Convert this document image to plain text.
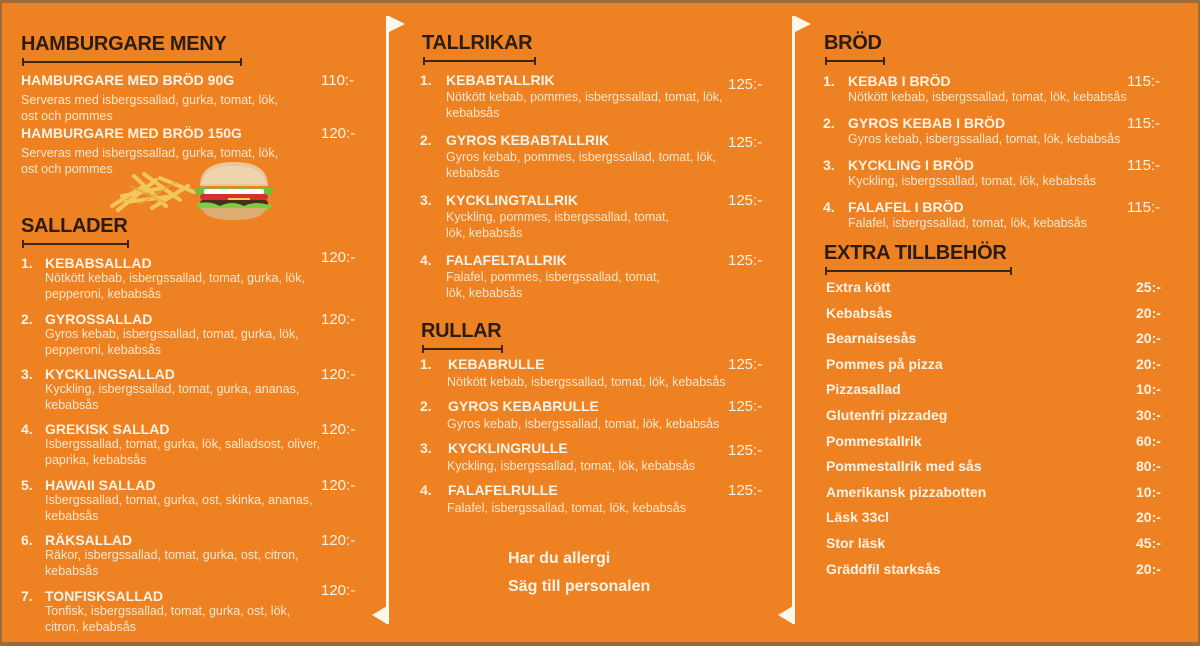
HAMBURGARE MENY
HAMBURGARE MED BRÖD 90G	110:-
Serveras med isbergssallad, gurka, tomat, lök,
ost och pommes
HAMBURGARE MED BRÖD 150G	120:-
Serveras med isbergssallad, gurka, tomat, lök,
ost och pommes
SALLADER
1. KEBABSALLAD	120:-
Nötkött kebab, isbergssallad, tomat, gurka, lök,
pepperoni, kebabsås
2. GYROSSALLAD	120:-
Gyros kebab, isbergssallad, tomat, gurka, lök,
pepperoni, kebabsås
3. KYCKLINGSALLAD	120:-
Kyckling, isbergssallad, tomat, gurka, ananas,
kebabsås
4. GREKISK SALLAD	120:-
Isbergssallad, tomat, gurka, lök, salladsost, oliver,
paprika, kebabsås
5. HAWAII SALLAD	120:-
Isbergssallad, tomat, gurka, ost, skinka, ananas,
kebabsås
6. RÄKSALLAD	120:-
Räkor, isbergssallad, tomat, gurka, ost, citron,
kebabsås
7. TONFISKSALLAD	120:-
Tonfisk, isbergssallad, tomat, gurka, ost, lök,
citron, kebabsås
TALLRIKAR
1. KEBABTALLRIK	125:-
Nötkött kebab, pommes, isbergssallad, tomat, lök,
kebabsås
2. GYROS KEBABTALLRIK	125:-
Gyros kebab, pommes, isbergssallad, tomat, lök,
kebabsås
3. KYCKLINGTALLRIK	125:-
Kyckling, pommes, isbergssallad, tomat,
lök, kebabsås
4. FALAFELTALLRIK	125:-
Falafel, pommes, isbergssallad, tomat,
lök, kebabsås
RULLAR
1. KEBABRULLE	125:-
Nötkött kebab, isbergssallad, tomat, lök, kebabsås
2. GYROS KEBABRULLE	125:-
Gyros kebab, isbergssallad, tomat, lök, kebabsås
3. KYCKLINGRULLE	125:-
Kyckling, isbergssallad, tomat, lök, kebabsås
4. FALAFELRULLE	125:-
Falafel, isbergssallad, tomat, lök, kebabsås
Har du allergi
Säg till personalen
BRÖD
1. KEBAB I BRÖD	115:-
Nötkött kebab, isbergssallad, tomat, lök, kebabsås
2. GYROS KEBAB I BRÖD	115:-
Gyros kebab, isbergssallad, tomat, lök, kebabsås
3. KYCKLING I BRÖD	115:-
Kyckling, isbergssallad, tomat, lök, kebabsås
4. FALAFEL I BRÖD	115:-
Falafel, isbergssallad, tomat, lök, kebabsås
EXTRA TILLBEHÖR
Extra kött	25:-
Kebabsås	20:-
Bearnaisesås	20:-
Pommes på pizza	20:-
Pizzasallad	10:-
Glutenfri pizzadeg	30:-
Pommestallrik	60:-
Pommestallrik med sås	80:-
Amerikansk pizzabotten	10:-
Läsk 33cl	20:-
Stor läsk	45:-
Gräddfil starksås	20:-
